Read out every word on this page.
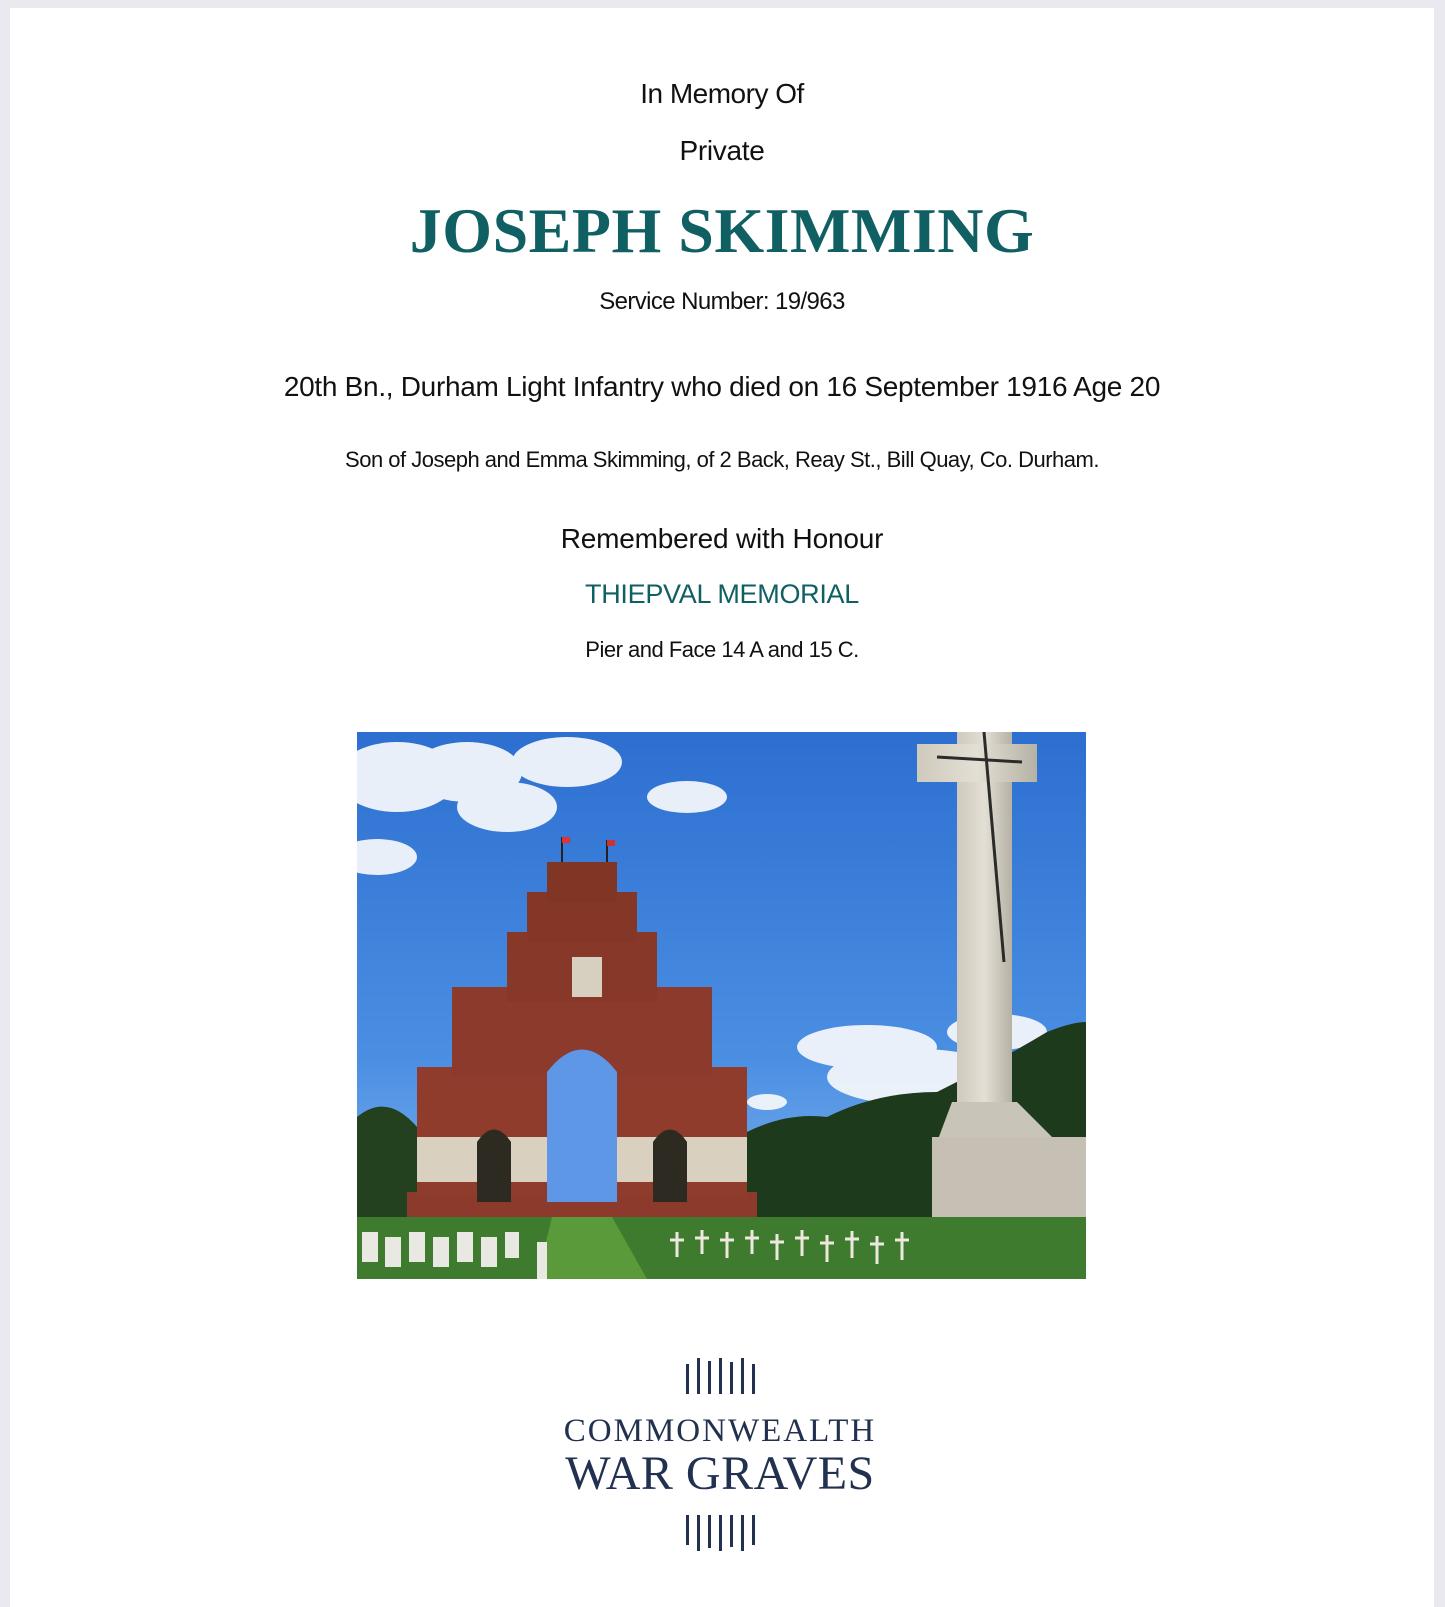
In Memory Of
Private
JOSEPH SKIMMING
Service Number: 19/963
20th Bn., Durham Light Infantry who died on 16 September 1916 Age 20
Son of Joseph and Emma Skimming, of 2 Back, Reay St., Bill Quay, Co. Durham.
Remembered with Honour
THIEPVAL MEMORIAL
Pier and Face 14 A and 15 C.
COMMONWEALTH
WAR GRAVES
